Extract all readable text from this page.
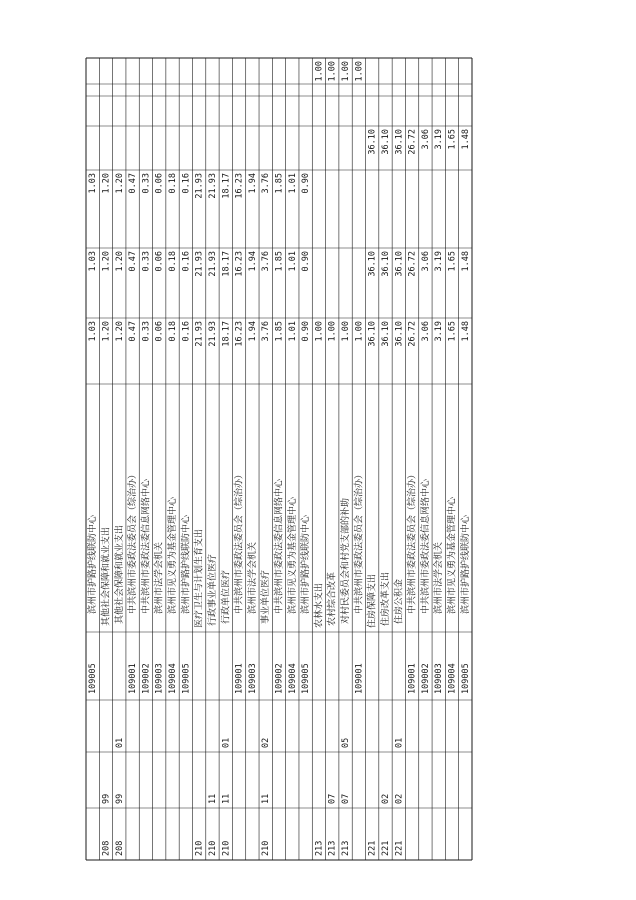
109005
滨州市护路护线联防中心
1.03
1.03
1.03
208
99
其他社会保障和就业支出
1.20
1.20
1.20
208
99
01
其他社会保障和就业支出
1.20
1.20
1.20
109001
中共滨州市委政法委员会（综治办）
0.47
0.47
0.47
109002
中共滨州市委政法委信息网络中心
0.33
0.33
0.33
109003
滨州市法学会机关
0.06
0.06
0.06
109004
滨州市见义勇为基金管理中心
0.18
0.18
0.18
109005
滨州市护路护线联防中心
0.16
0.16
0.16
210
医疗卫生与计划生育支出
21.93
21.93
21.93
210
11
行政事业单位医疗
21.93
21.93
21.93
210
11
01
行政单位医疗
18.17
18.17
18.17
109001
中共滨州市委政法委员会（综治办）
16.23
16.23
16.23
109003
滨州市法学会机关
1.94
1.94
1.94
210
11
02
事业单位医疗
3.76
3.76
3.76
109002
中共滨州市委政法委信息网络中心
1.85
1.85
1.85
109004
滨州市见义勇为基金管理中心
1.01
1.01
1.01
109005
滨州市护路护线联防中心
0.90
0.90
0.90
213
农林水支出
1.00
1.00
213
07
农村综合改革
1.00
1.00
213
07
05
对村民委员会和村党支部的补助
1.00
1.00
109001
中共滨州市委政法委员会（综治办）
1.00
1.00
221
住房保障支出
36.10
36.10
36.10
221
02
住房改革支出
36.10
36.10
36.10
221
02
01
住房公积金
36.10
36.10
36.10
109001
中共滨州市委政法委员会（综治办）
26.72
26.72
26.72
109002
中共滨州市委政法委信息网络中心
3.06
3.06
3.06
109003
滨州市法学会机关
3.19
3.19
3.19
109004
滨州市见义勇为基金管理中心
1.65
1.65
1.65
109005
滨州市护路护线联防中心
1.48
1.48
1.48
